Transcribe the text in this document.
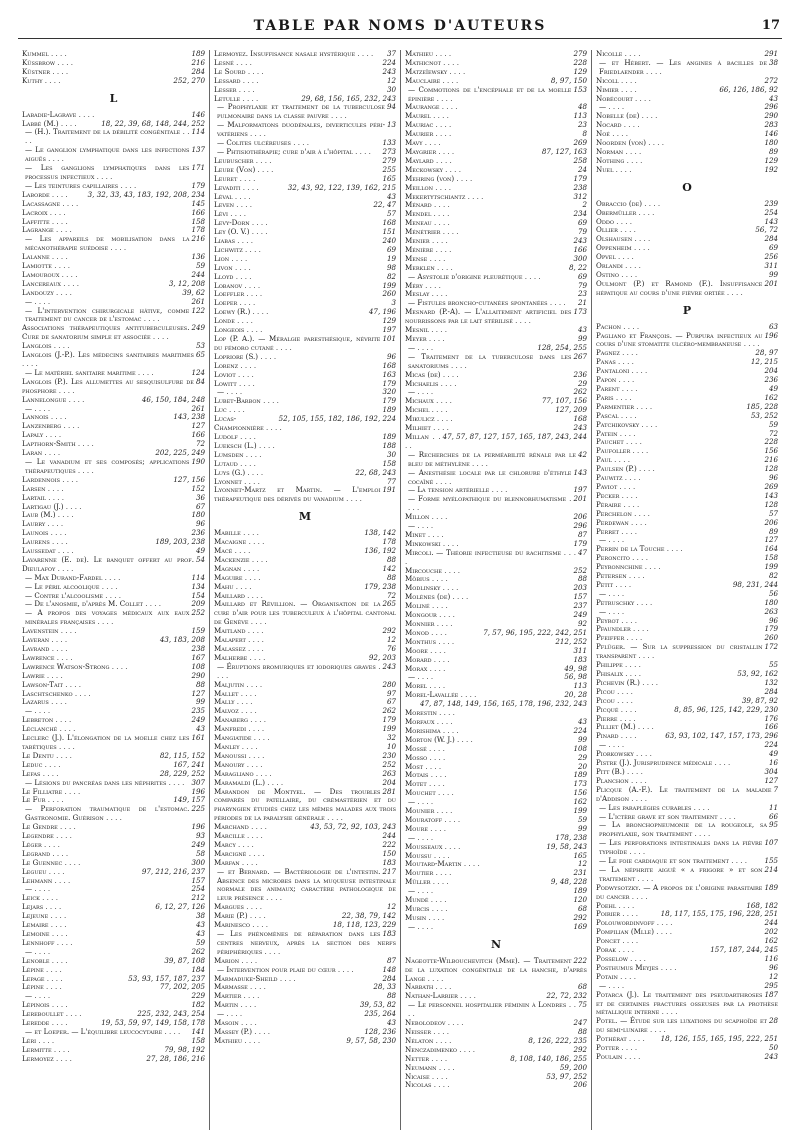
TABLE PAR NOMS D'AUTEURS	17

189
Kummel . . . .

216
Küssbrow . . . .

284
Küstner . . . .

252, 270
Kuthy . . . .

L

146
Labadie-Lagrave . . . .

18, 22, 39, 68, 148, 244, 252
Labbé (M.) . . . .

114
— (H.). Traitement de la débilité congénitale . . . .

137
— Le ganglion lymphatique dans les infections aiguës . . . .

171
— Les ganglions lymphatiques dans les processus infectieux . . . .

179
— Les teintures capillaires . . . .

3, 32, 33, 43, 183, 192, 208, 234
Laborde . . . .

145
Lacassagne . . . .

166
Lacroix . . . .

158
Laffitte . . . .

178
Lagrange . . . .

216
— Les appareils de mobilisation dans la mécanothérapie suédoise . . . .

136
Lalanne . . . .

59
Lamiotte . . . .

244
Lamouroux . . . .

3, 12, 208
Lancereaux . . . .

39, 62
Landouzy . . . .

261
— . . . .

122
— L'intervention chirurgicale hâtive, comme traitement du cancer de l'estomac . . . .

249
Associations thérapeutiques antituberculeuses. Cure de sanatorium simple et associée . . . .

53
Langlois . . . .

65
Langlois (J.-P.). Les médecins sanitaires maritimes . . . .

124
— Le matériel sanitaire maritime . . . .

84
Langlois (P.). Les allumettes au sesquisulfure de phosphore . . . .

46, 150, 184, 248
Lannelongue . . . .

261
— . . . .

143, 238
Lannois . . . .

127
Lanzenberg . . . .

166
Lapaly . . . .

72
Lapthorn-Smith . . . .

202, 225, 249
Laran . . . .

190
— Le vanadium et ses composés; applications thérapeutiques . . . .

127, 156
Lardennois . . . .

152
Larsen . . . .

36
Lartail . . . .

67
Lartigau (J.) . . . .

180
Laub (M.) . . . .

96
Laubry . . . .

236
Launois . . . .

189, 203, 238
Laurens . . . .

49
Laussedat . . . .

54
Lavarenne (E. de). Le banquet offert au prof. Dieulafoy . . . .

114
— Max Durand-Fardel . . . .

134
— Le péril alcoolique . . . .

154
— Contre l'alcoolisme . . . .

209
— De l'anosmie, d'après M. Collet . . . .

252
— A propos des voyages médicaux aux eaux minérales françaises . . . .

159
Lavenstein . . . .

43, 183, 208
Laveran . . . .

238
Lavrand . . . .

167
Lawrence . . . .

108
Lawrence Watson-Strong . . . .

290
Lawrie . . . .

88
Lawson-Tait . . . .

127
Laschtschenko . . . .

99
Lazarus . . . .

235
— . . . .

249
Lebreton . . . .

43
Léclanché . . . .

161
Leclerc (J.). L'élongation de la moelle chez les tabétiques . . . .

82, 115, 152
Le Dentu . . . .

167, 241
Leduc . . . .

28, 229, 252
Lefas . . . .

307
— Lésions du pancréas dans les néphrites . . . .

196
Le Filliatre . . . .

149, 157
Le Fur . . . .

225
— Perforation traumatique de l'estomac. Gastronomie. Guérison . . . .

196
Le Gendre . . . .

93
Legendre . . . .

249
Léger . . . .

58
Legrand . . . .

300
Le Guennec . . . .

97, 212, 216, 237
Legueu . . . .

157
Lehmann . . . .

254
— . . . .

212
Leick . . . .

6, 12, 27, 126
Lejars . . . .

38
Lejeune . . . .

43
Lemaire . . . .

43
Lemoine . . . .

59
Lennhoff . . . .

262
— . . . .

39, 87, 108
Lenoble . . . .

184
Lépine . . . .

53, 93, 157, 187, 237
Lepage . . . .

77, 202, 205
Lépine . . . .

229
— . . . .

182
Lépinois . . . .

225, 232, 243, 254
Lereboullet . . . .

19, 53, 59, 97, 149, 158, 178
Leredde . . . .

141
— et Loeper. — L'équilibre leucocytaire . . . .

158
Léri . . . .

79, 98, 192
Lermitte . . . .

27, 28, 186, 216
Lermoyez . . . .

37
Lermoyez. Insuffisance nasale hystérique . . . .

224
Lesné . . . .

243
Le Sourd . . . .

12
Lessard . . . .

30
Lesser . . . .

29, 68, 156, 165, 232, 243
Letulle . . . .

94
— Prophylaxie et traitement de la tuberculose pulmonaire dans la classe pauvre . . . .

13
— Malformations duodénales, diverticules péri-vatériens . . . .

133
— Colites ulcéreuses . . . .

273
— Phtisiothérapie; cure d'air à l'hôpital . . . .

279
Leubuscher . . . .

255
Leube (Von) . . . .

165
Leuret . . . .

32, 43, 92, 122, 139, 162, 215
Levaditi . . . .

43
Léval . . . .

22, 47
Leven . . . .

57
Lévi . . . .

168
Levy-Dorn . . . .

151
Ley (O. V.) . . . .

240
Liabas . . . .

69
Lichwitz . . . .

19
Lion . . . .

98
Livon . . . .

82
Lloyd . . . .

199
Lobanov . . . .

260
Loeffler . . . .

3
Loeper . . . .

47, 196
Loewy (R.) . . . .

129
Londe . . . .

197
Longeois . . . .

101
Lop (P. A.). — Méralgie paresthésique, névrite du fémoro cutané . . . .

96
Lopriore (S.) . . . .

168
Lorenz . . . .

163
Loviot . . . .

179
Lowitt . . . .

320
— . . . .

179
Lubet-Barbon . . . .

189
Luc . . . .

52, 105, 155, 182, 186, 192, 224
Lucas-Championnière . . . .

189
Ludolf . . . .

188
Lueksch (L.) . . . .

30
Lumsden . . . .

158
Lutaud . . . .

22, 68, 243
Luys (G.) . . . .

77
Lyonnet . . . .

191
Lyonnet-Martz et Martin. — L'emploi thérapeutique des dérivés du vanadium . . . .

M

138, 142
Mabille . . . .

178
Macaigne . . . .

136, 192
Macé . . . .

88
Mackenzie . . . .

142
Magnan . . . .

88
Maguire . . . .

179, 238
Mahu . . . .

72
Maillard . . . .

265
Maillard et Révillion. — Organisation de la cure d'air pour les tuberculeux à l'hôpital cantonal de Genève . . . .

292
Maitland . . . .

12
Malapert . . . .

76
Malassez . . . .

92, 203
Malherbe . . . .

243
— Éruptions bromuriques et iodoriques graves . . . .

280
Maljutin . . . .

97
Mallet . . . .

67
Mally . . . .

262
Malvoz . . . .

179
Manaberg . . . .

199
Manfredi . . . .

32
Mangiatide . . . .

10
Manley . . . .

230
Manoussi . . . .

252
Manoury . . . .

263
Maragliano . . . .

204
Maramaldi (L.) . . . .

281
Marandon de Montyel. — Des troubles comparés du patellaire, du crémastérien et du pharyngien étudiés chez les mêmes malades aux trois périodes de la paralysie générale . . . .

43, 53, 72, 92, 103, 243
Marchand . . . .

244
Marcille . . . .

222
Marcy . . . .

150
Marcigné . . . .

183
Marfan . . . .

217
— et Bernard. — Bactériologie de l'intestin. Absence des microbes dans la muqueuse intestinale normale des animaux; caractère pathologique de leur présence . . . .

12
Margues . . . .

22, 38, 79, 142
Marie (P.) . . . .

18, 118, 123, 229
Marinesco . . . .

183
— Les phénomènes de réparation dans les centres nerveux, après la section des nerfs périphériques . . . .

87
Marion . . . .

148
— Intervention pour plaie du cœur . . . .

284
Marmaduke-Sheild . . . .

28, 33
Marmasse . . . .

88
Martier . . . .

39, 53, 82
Martin . . . .

235, 264
— . . . .

43
Masoin . . . .

128, 236
Massey (P.) . . . .

9, 57, 58, 230
Mathieu . . . .

279
Mathieu . . . .

228
Mathicnot . . . .

129
Matzeïewsky . . . .

8, 97, 150
Mauclaire . . . .

153
— Commotions de l'encéphale et de la moelle épinière . . . .

48
Maurange . . . .

113
Maurel . . . .

23
Mauriac . . . .

8
Maurier . . . .

269
Mavy . . . .

87, 127, 163
Maygrier . . . .

258
Maylard . . . .

24
Meckowsky . . . .

179
Mehring (von) . . . .

238
Meillon . . . .

312
Mekertytschiantz . . . .

2
Ménard . . . .

234
Mendel . . . .

69
Meneau . . . .

79
Ménétrier . . . .

243
Menier . . . .

166
Ménière . . . .

300
Mense . . . .

8, 22
Merklen . . . .

69
— Asystolie d'origine pleurétique . . . .

79
Méry . . . .

23
Meslay . . . .

21
— Fistules broncho-cutanées spontanées . . . .

173
Mesnard (P.-A). — L'allaitement artificiel des nourrissons par le lait stérilisé . . . .

43
Mesnil . . . .

99
Meyer . . . .

128, 254, 255
— . . . .

267
— Traitement de la tuberculose dans les sanatoriums . . . .

236
Micas (de) . . . .

29
Michaelis . . . .

262
— . . . .

77, 107, 156
Michaux . . . .

127, 209
Michel . . . .

168
Mikulicz . . . .

243
Milhiet . . . .

47, 57, 87, 127, 157, 165, 187, 243, 244
Millan . . . .

42
— Recherches de la perméabilité rénale par le bleu de méthylène . . . .

143
— Anesthésie locale par le chlorure d'éthyle cocaïné . . . .

197
— La tension artérielle . . . .

201
— Forme myélopathique du blennorhumatisme . . . .

206
Millon . . . .

296
— . . . .

87
Minet . . . .

179
Minkowski . . . .

47
Mircoli. — Théorie infectieuse du rachitisme . . . .

252
Mircouche . . . .

88
Möbius . . . .

203
Modlinsky . . . .

157
Molènes (de) . . . .

237
Moliné . . . .

249
Mongour . . . .

92
Monnier . . . .

7, 57, 96, 195, 222, 242, 251
Monod . . . .

212, 252
Monthus . . . .

311
Moore . . . .

183
Morard . . . .

49, 98
Morax . . . .

56, 98
— . . . .

113
Morel . . . .

20, 28
Morel-Lavallée . . . .

47, 87, 148, 149, 156, 165, 178, 196, 232, 243
Morestin . . . .

43
Morfaux . . . .

224
Morishima . . . .

99
Morton (W. J.) . . . .

108
Mossé . . . .

29
Mosso . . . .

20
Most . . . .

189
Motais . . . .

173
Motet . . . .

156
Mouchet . . . .

162
— . . . .

199
Mounier . . . .

59
Mouratoff . . . .

99
Moure . . . .

178, 238
— . . . .

19, 58, 243
Mousseaux . . . .

165
Moussu . . . .

12
Moutard-Martin . . . .

231
Moutier . . . .

9, 48, 228
Müller . . . .

189
— . . . .

120
Mundé . . . .

68
Murcis . . . .

292
Musin . . . .

169
— . . . .

N

222
Nageotte-Wilbouchevitch (Mme). — Traitement de la luxation congénitale de la hanche, d'après Lange . . . .

68
Narbath . . . .

22, 72, 232
Nathan-Larrier . . . .

75
— Le personnel hospitalier féminin à Londres . . . .

247
Nebolodeov . . . .

88
Neisser . . . .

8, 126, 222, 235
Nélaton . . . .

292
Nenczadimenko . . . .

8, 108, 140, 186, 255
Netter . . . .

59, 200
Neumann . . . .

53, 97, 252
Nicaise . . . .

206
Nicolas . . . .

291
Nicolle . . . .

38
— et Hébert. — Les angines à bacilles de Friedlaender . . . .

272
Nicoll . . . .

66, 126, 186, 92
Nimier . . . .

43
Nobécourt . . . .

296
— . . . .

290
Nobelle (de) . . . .

283
Nocard . . . .

146
Noé . . . .

180
Noorden (von) . . . .

89
Norman . . . .

129
Nothing . . . .

192
Nuel . . . .

O

239
Obraccio (de) . . . .

254
Obermüller . . . .

143
Oddo . . . .

56, 72
Ollier . . . .

284
Olshausen . . . .

69
Oppenheim . . . .

256
Opvel . . . .

311
Orlandi . . . .

99
Ostino . . . .

201
Oulmont (P.) et Ramond (F.). Insuffisance hépatique au cours d'une fièvre ortiée . . . .

P

63
Pachon . . . .

196
Pagliano et François. — Purpura infectieux au cours d'une stomatite ulcéro-membraneuse . . . .

28, 97
Pagnez . . . .

12, 215
Panas . . . .

204
Pantaloni . . . .

236
Papon . . . .

49
Parent . . . .

162
Paris . . . .

185, 228
Parmentier . . . .

53, 252
Pascal . . . .

59
Patchikovsky . . . .

72
Patein . . . .

228
Pauchet . . . .

156
Paufoller . . . .

216
Paul . . . .

128
Paulsen (P.) . . . .

96
Pauwitz . . . .

269
Paviot . . . .

143
Pecker . . . .

128
Péraire . . . .

57
Perchelon . . . .

206
Perdewan . . . .

89
Perret . . . .

127
— . . . .

164
Perrin de la Touche . . . .

158
Peroncito . . . .

199
Peyronnchine . . . .

82
Petersen . . . .

98, 231, 244
Petit . . . .

56
— . . . .

180
Petruschky . . . .

263
— . . . .

96
Peyrot . . . .

179
Pfaundler . . . .

260
Pfeiffer . . . .

172
Pflüger. — Sur la suppression du cristallin transparent . . . .

55
Philippe . . . .

53, 92, 162
Phisalix . . . .

132
Pichevin (R.) . . . .

284
Picou . . . .

39, 87, 92
Picou . . . .

8, 85, 96, 125, 142, 229, 230
Picqué . . . .

176
Pierre . . . .

166
Pilliet (M.) . . . .

63, 93, 102, 147, 157, 173, 296
Pinard . . . .

224
— . . . .

49
Piorkowsky . . . .

16
Pistre (J.). Jurisprudence médicale . . . .

304
Pitt (B.) . . . .

127
Planchon . . . .

7
Plicque (A.-F.). Le traitement de la maladie d'Addison . . . .

11
— Les paraplégies curables . . . .

66
— L'ictère grave et son traitement . . . .

95
— La bronchopneumonie de la rougeole, sa prophylaxie, son traitement . . . .

107
— Les perforations intestinales dans la fièvre typhoïde . . . .

155
— Le foie cardiaque et son traitement . . . .

214
— La néphrite aiguë « a frigore » et son traitement . . . .

189
Podwysotzky. — A propos de l'origine parasitaire du cancer . . . .

168, 182
Poehl . . . .

18, 117, 155, 175, 196, 228, 251
Poirier . . . .

244
Polouwordinvoff . . . .

202
Pompilian (Mlle) . . . .

162
Poncet . . . .

157, 187, 244, 245
Porak . . . .

116
Posselow . . . .

96
Posthumus Meyjes . . . .

12
Potain . . . .

295
— . . . .

187
Potarca (J.). Le traitement des pseudarthroses et de certaines fractures osseuses par la prothèse métallique interne . . . .

28
Potel. — Étude sur les luxations du scaphoïde et du semi-lunaire . . . .

18, 126, 155, 165, 195, 222, 251
Pothérat . . . .

50
Potter . . . .

243
Poulain . . . .
